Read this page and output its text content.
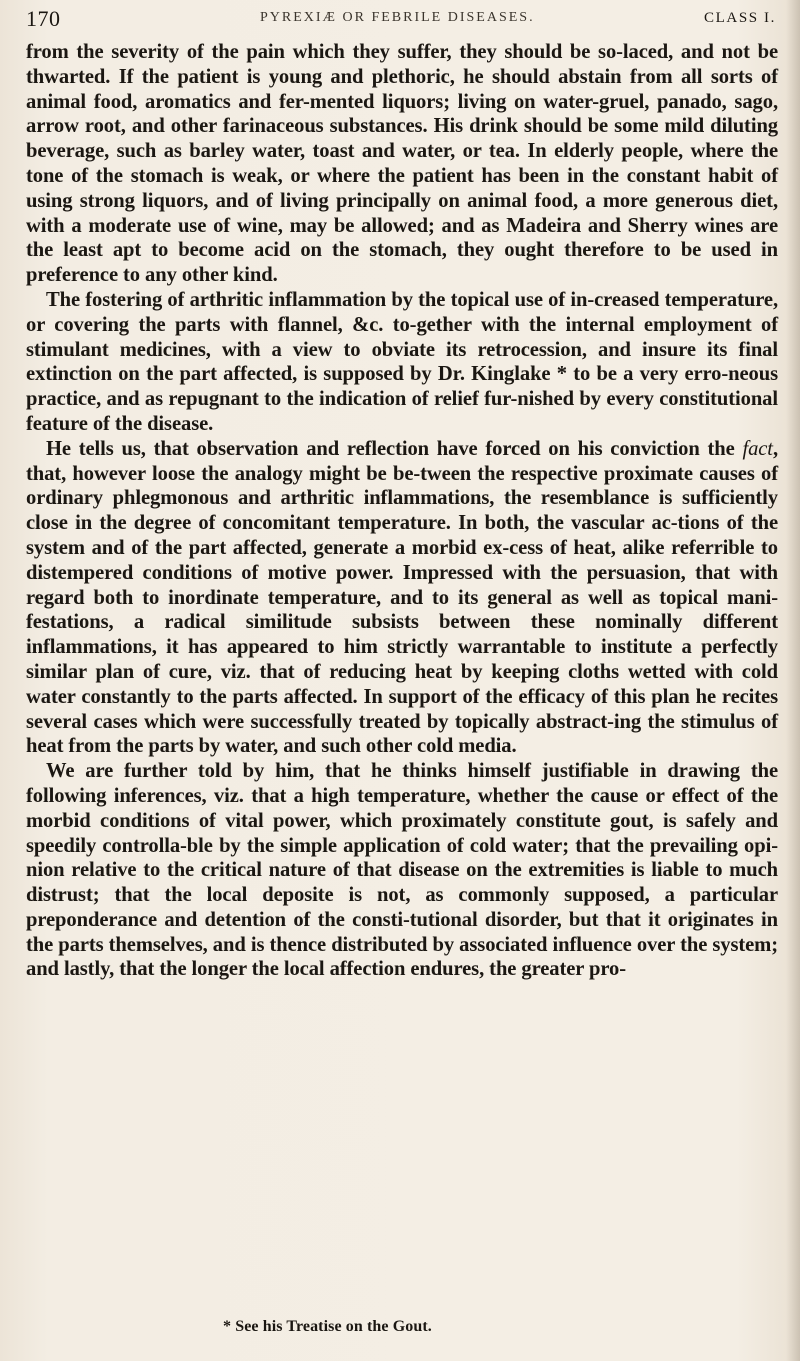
170	PYREXIÆ OR FEBRILE DISEASES.	CLASS I.

from the severity of the pain which they suffer, they should be so-laced, and not be thwarted. If the patient is young and plethoric, he should abstain from all sorts of animal food, aromatics and fer-mented liquors; living on water-gruel, panado, sago, arrow root, and other farinaceous substances. His drink should be some mild diluting beverage, such as barley water, toast and water, or tea. In elderly people, where the tone of the stomach is weak, or where the patient has been in the constant habit of using strong liquors, and of living principally on animal food, a more generous diet, with a moderate use of wine, may be allowed; and as Madeira and Sherry wines are the least apt to become acid on the stomach, they ought therefore to be used in preference to any other kind.

The fostering of arthritic inflammation by the topical use of in-creased temperature, or covering the parts with flannel, &c. to-gether with the internal employment of stimulant medicines, with a view to obviate its retrocession, and insure its final extinction on the part affected, is supposed by Dr. Kinglake * to be a very erro-neous practice, and as repugnant to the indication of relief fur-nished by every constitutional feature of the disease.

He tells us, that observation and reflection have forced on his conviction the fact, that, however loose the analogy might be be-tween the respective proximate causes of ordinary phlegmonous and arthritic inflammations, the resemblance is sufficiently close in the degree of concomitant temperature. In both, the vascular ac-tions of the system and of the part affected, generate a morbid ex-cess of heat, alike referrible to distempered conditions of motive power. Impressed with the persuasion, that with regard both to inordinate temperature, and to its general as well as topical mani-festations, a radical similitude subsists between these nominally different inflammations, it has appeared to him strictly warrantable to institute a perfectly similar plan of cure, viz. that of reducing heat by keeping cloths wetted with cold water constantly to the parts affected. In support of the efficacy of this plan he recites several cases which were successfully treated by topically abstract-ing the stimulus of heat from the parts by water, and such other cold media.

We are further told by him, that he thinks himself justifiable in drawing the following inferences, viz. that a high temperature, whether the cause or effect of the morbid conditions of vital power, which proximately constitute gout, is safely and speedily controlla-ble by the simple application of cold water; that the prevailing opi-nion relative to the critical nature of that disease on the extremities is liable to much distrust; that the local deposite is not, as commonly supposed, a particular preponderance and detention of the consti-tutional disorder, but that it originates in the parts themselves, and is thence distributed by associated influence over the system; and lastly, that the longer the local affection endures, the greater pro-

* See his Treatise on the Gout.
